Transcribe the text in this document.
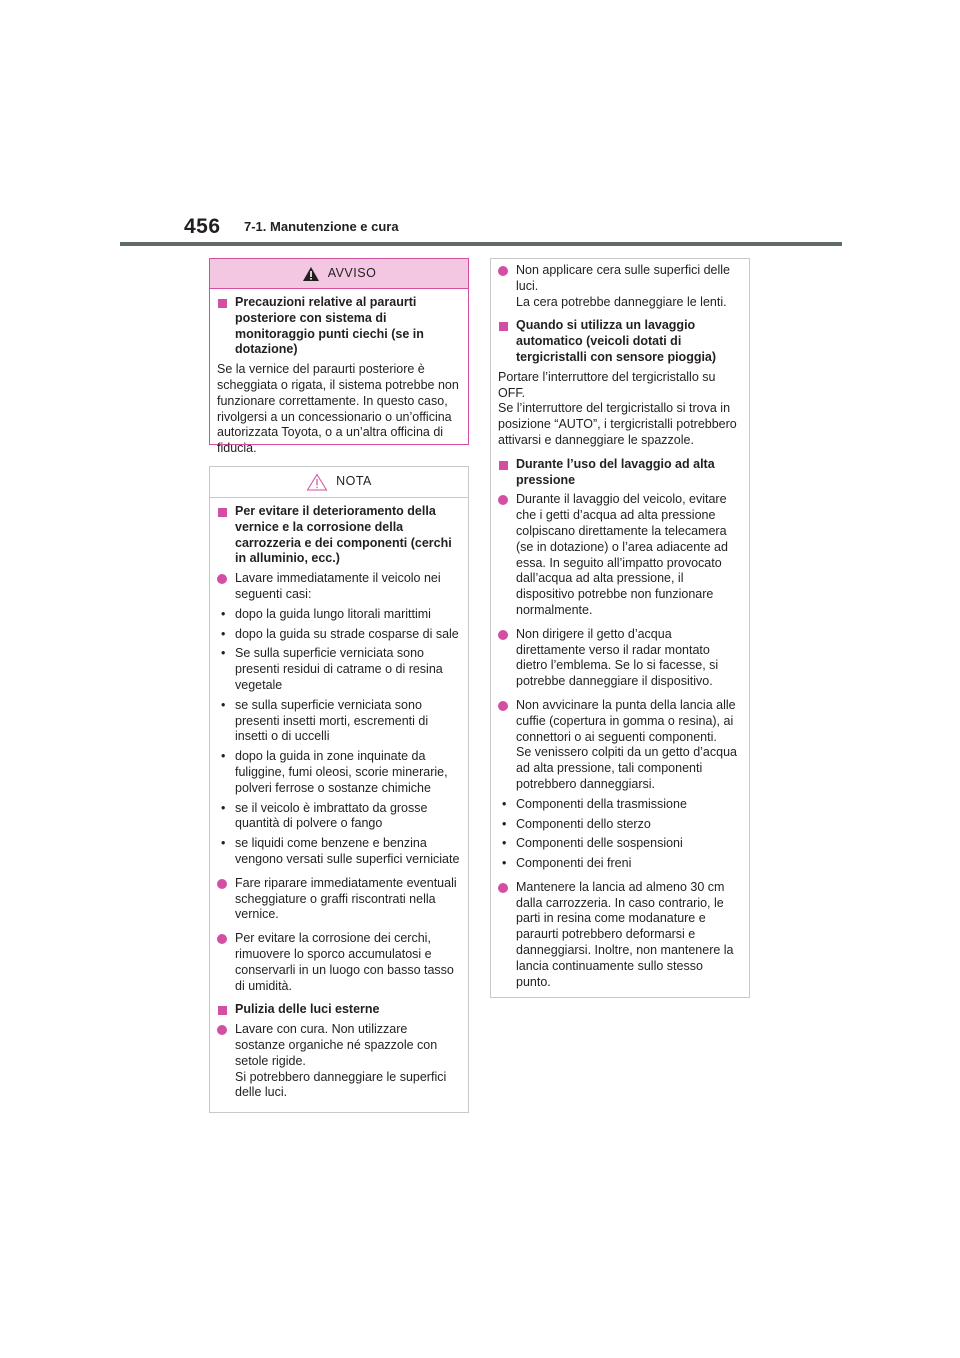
456 7-1. Manutenzione e cura
AVVISO

Precauzioni relative al paraurti posteriore con sistema di monitoraggio punti ciechi (se in dotazione)

Se la vernice del paraurti posteriore è scheggiata o rigata, il sistema potrebbe non funzionare correttamente. In questo caso, rivolgersi a un concessionario o un’officina autorizzata Toyota, o a un’altra officina di fiducia.

NOTA

Per evitare il deterioramento della vernice e la corrosione della carrozzeria e dei componenti (cerchi in alluminio, ecc.)

Lavare immediatamente il veicolo nei seguenti casi:

• dopo la guida lungo litorali marittimi

• dopo la guida su strade cosparse di sale

• Se sulla superficie verniciata sono presenti residui di catrame o di resina vegetale

• se sulla superficie verniciata sono presenti insetti morti, escrementi di insetti o di uccelli

• dopo la guida in zone inquinate da fuliggine, fumi oleosi, scorie minerarie, polveri ferrose o sostanze chimiche

• se il veicolo è imbrattato da grosse quantità di polvere o fango

• se liquidi come benzene e benzina vengono versati sulle superfici verniciate

Fare riparare immediatamente eventuali scheggiature o graffi riscontrati nella vernice.

Per evitare la corrosione dei cerchi, rimuovere lo sporco accumulatosi e conservarli in un luogo con basso tasso di umidità.

Pulizia delle luci esterne

Lavare con cura. Non utilizzare sostanze organiche né spazzole con setole rigide.
Si potrebbero danneggiare le superfici delle luci.

Non applicare cera sulle superfici delle luci.
La cera potrebbe danneggiare le lenti.

Quando si utilizza un lavaggio automatico (veicoli dotati di tergicristalli con sensore pioggia)

Portare l’interruttore del tergicristallo su OFF.
Se l’interruttore del tergicristallo si trova in posizione “AUTO”, i tergicristalli potrebbero attivarsi e danneggiare le spazzole.

Durante l’uso del lavaggio ad alta pressione

Durante il lavaggio del veicolo, evitare che i getti d’acqua ad alta pressione colpiscano direttamente la telecamera (se in dotazione) o l’area adiacente ad essa. In seguito all’impatto provocato dall’acqua ad alta pressione, il dispositivo potrebbe non funzionare normalmente.

Non dirigere il getto d’acqua direttamente verso il radar montato dietro l’emblema. Se lo si facesse, si potrebbe danneggiare il dispositivo.

Non avvicinare la punta della lancia alle cuffie (copertura in gomma o resina), ai connettori o ai seguenti componenti.
Se venissero colpiti da un getto d’acqua ad alta pressione, tali componenti potrebbero danneggiarsi.

• Componenti della trasmissione

• Componenti dello sterzo

• Componenti delle sospensioni

• Componenti dei freni

Mantenere la lancia ad almeno 30 cm dalla carrozzeria. In caso contrario, le parti in resina come modanature e paraurti potrebbero deformarsi e danneggiarsi. Inoltre, non mantenere la lancia continuamente sullo stesso punto.
